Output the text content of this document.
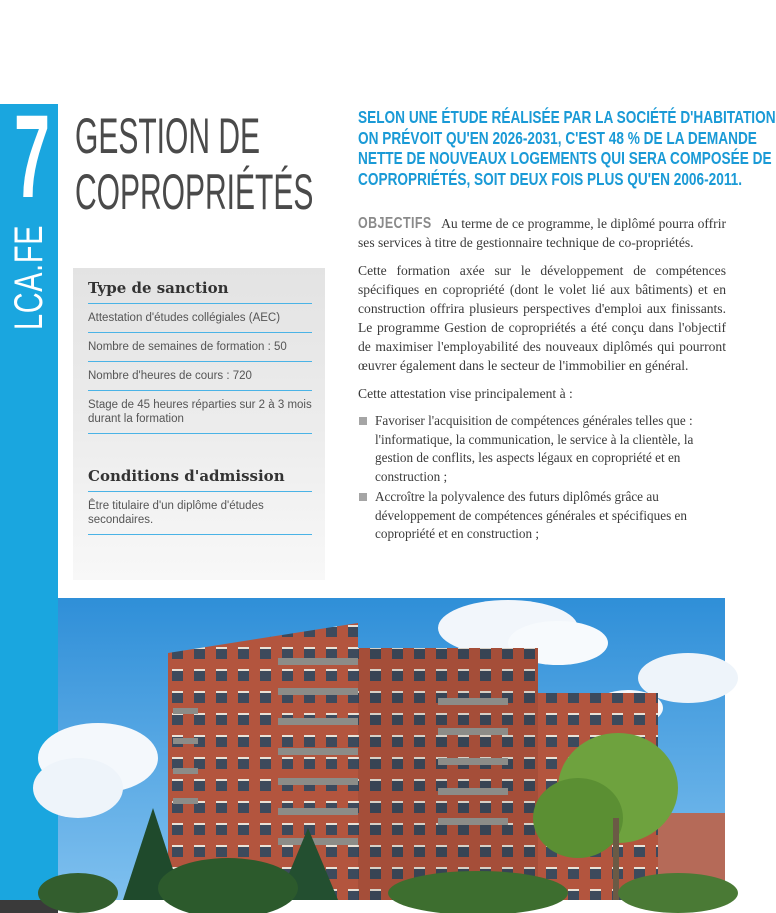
7
LCA.FE
GESTION DE
COPROPRIÉTÉS
Type de sanction
Attestation d'études collégiales (AEC)
Nombre de semaines de formation : 50
Nombre d'heures de cours : 720
Stage de 45 heures réparties sur 2 à 3 mois durant la formation
Conditions d'admission
Être titulaire d'un diplôme d'études secondaires.
SELON UNE ÉTUDE RÉALISÉE PAR LA SOCIÉTÉ D'HABITATION
ON PRÉVOIT QU'EN 2026-2031, C'EST 48 % DE LA DEMANDE
NETTE DE NOUVEAUX LOGEMENTS QUI SERA COMPOSÉE DE
COPROPRIÉTÉS, SOIT DEUX FOIS PLUS QU'EN 2006-2011.

OBJECTIFS Au terme de ce programme, le diplômé pourra offrir ses services à titre de gestionnaire technique de co-propriétés.

Cette formation axée sur le développement de compétences spécifiques en copropriété (dont le volet lié aux bâtiments) et en construction offrira plusieurs perspectives d'emploi aux finissants. Le programme Gestion de copropriétés a été conçu dans l'objectif de maximiser l'employabilité des nouveaux diplômés qui pourront œuvrer également dans le secteur de l'immobilier en général.

Cette attestation vise principalement à :

Favoriser l'acquisition de compétences générales telles que : l'informatique, la communication, le service à la clientèle, la gestion de conflits, les aspects légaux en copropriété et en construction ;
Accroître la polyvalence des futurs diplômés grâce au développement de compétences générales et spécifiques en copropriété et en construction ;
